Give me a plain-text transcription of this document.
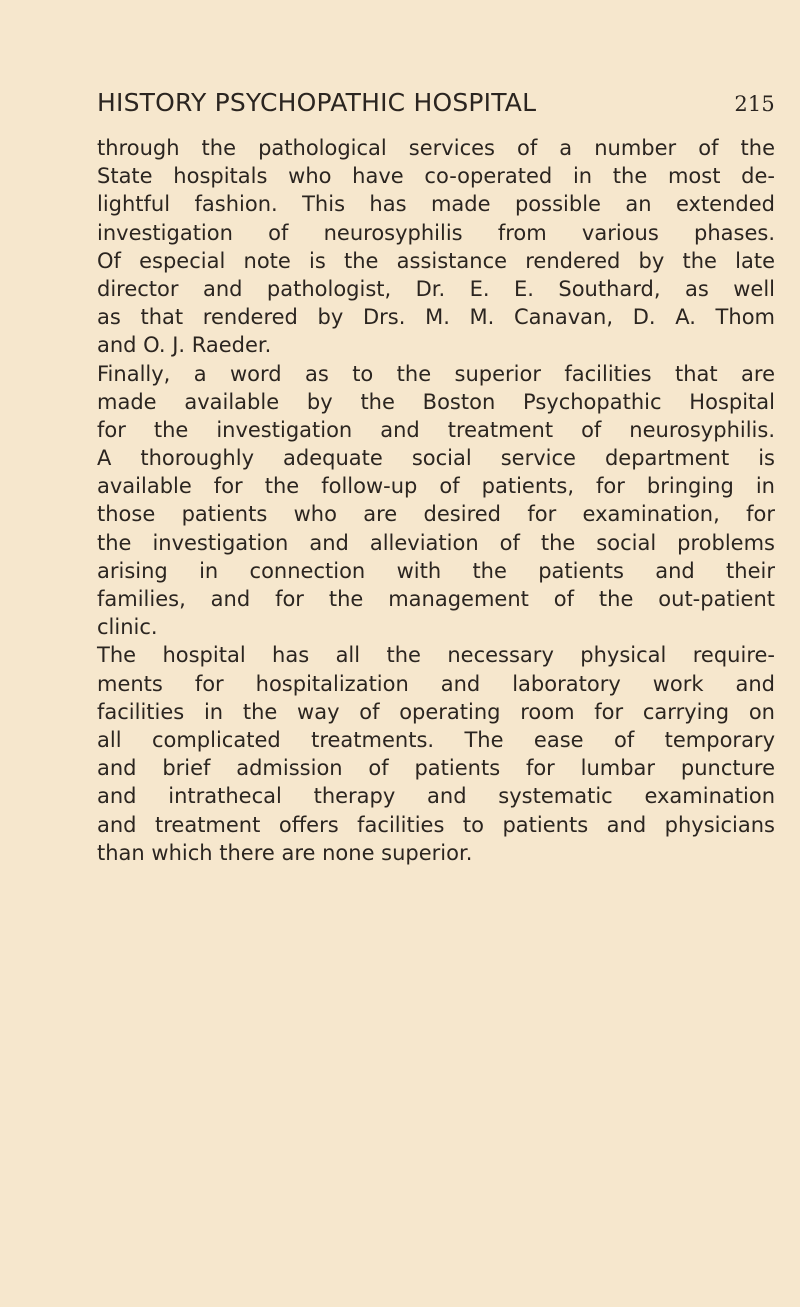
HISTORY PSYCHOPATHIC HOSPITAL	215
through the pathological services of a number of the
State hospitals who have co-operated in the most de-
lightful fashion. This has made possible an extended
investigation of neurosyphilis from various phases.
Of especial note is the assistance rendered by the late
director and pathologist, Dr. E. E. Southard, as well
as that rendered by Drs. M. M. Canavan, D. A. Thom
and O. J. Raeder.
Finally, a word as to the superior facilities that are
made available by the Boston Psychopathic Hospital
for the investigation and treatment of neurosyphilis.
A thoroughly adequate social service department is
available for the follow-up of patients, for bringing in
those patients who are desired for examination, for
the investigation and alleviation of the social problems
arising in connection with the patients and their
families, and for the management of the out-patient
clinic.
The hospital has all the necessary physical require-
ments for hospitalization and laboratory work and
facilities in the way of operating room for carrying on
all complicated treatments. The ease of temporary
and brief admission of patients for lumbar puncture
and intrathecal therapy and systematic examination
and treatment offers facilities to patients and physicians
than which there are none superior.
